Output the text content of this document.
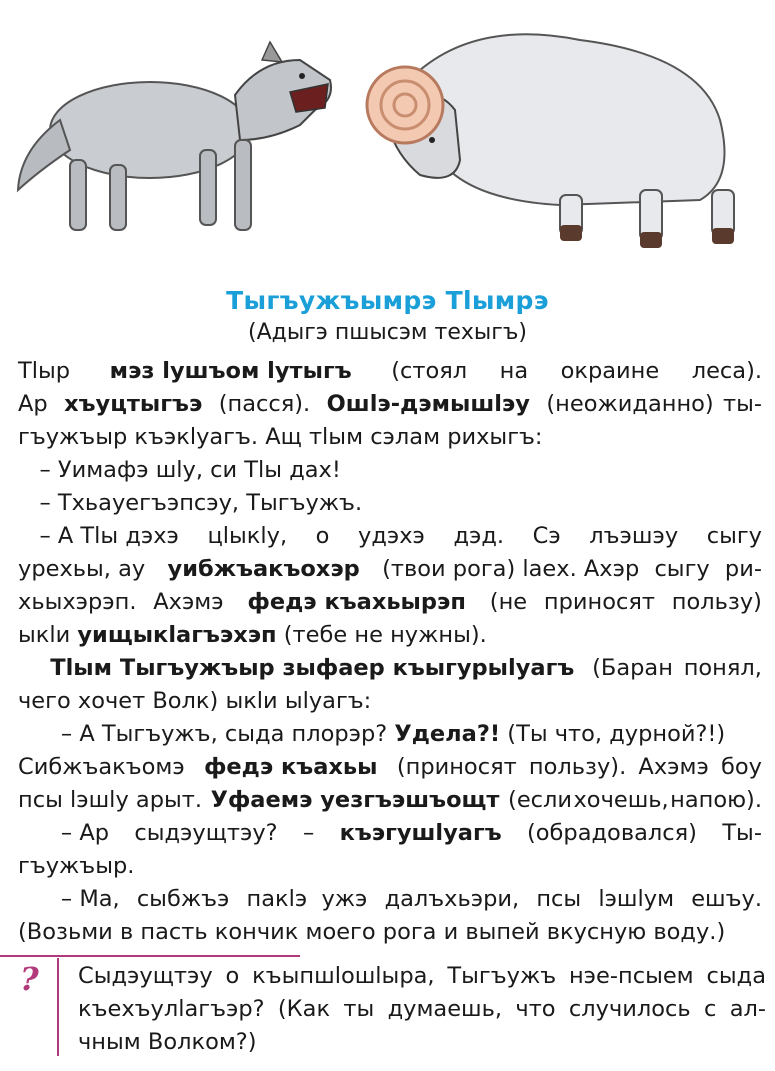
Тыгъужъымрэ Тlымрэ
(Адыгэ пшысэм техыгъ)
Тlыр мэз lушъом lутыгъ (стоял на окраине леса).
Ар хъуцтыгъэ (пасся). Ошlэ-дэмышlэу (неожиданно) ты-
гъужъыр къэкlуагъ. Ащ тlым сэлам рихыгъ:
– Уимафэ шlу, си Тlы дах!
– Тхьауегъэпсэу, Тыгъужъ.
– А Тlы дэхэ цlыкlу, о удэхэ дэд. Сэ лъэшэу сыгу
урехьы, ау уибжъакъохэр (твои рога) lаех. Ахэр сыгу ри-
хьыхэрэп. Ахэмэ федэ къахьырэп (не приносят пользу)
ыкlи уищыкlагъэхэп (тебе не нужны).

Тlым Тыгъужъыр зыфаер къыгурыlуагъ (Баран понял,
чего хочет Волк) ыкlи ыlуагъ:
– А Тыгъужъ, сыда плорэр? Удела?! (Ты что, дурной?!)
Сибжъакъомэ федэ къахьы (приносят пользу). Ахэмэ боу
псы lэшlу арыт. Уфаемэ уезгъэшъощт (если хочешь, напою).
– Ар сыдэущтэу? – къэгушlуагъ (обрадовался) Ты-
гъужъыр.
– Ма, сыбжъэ пакlэ  ужэ далъхьэри, псы lэшlум ешъу.
(Возьми в пасть кончик моего рога и выпей вкусную воду.)
? Сыдэущтэу о къыпшlошlыра, Тыгъужъ нэе-псыем сыда
къехъулlагъэр? (Как ты думаешь, что случилось с ал-
чным Волком?)
